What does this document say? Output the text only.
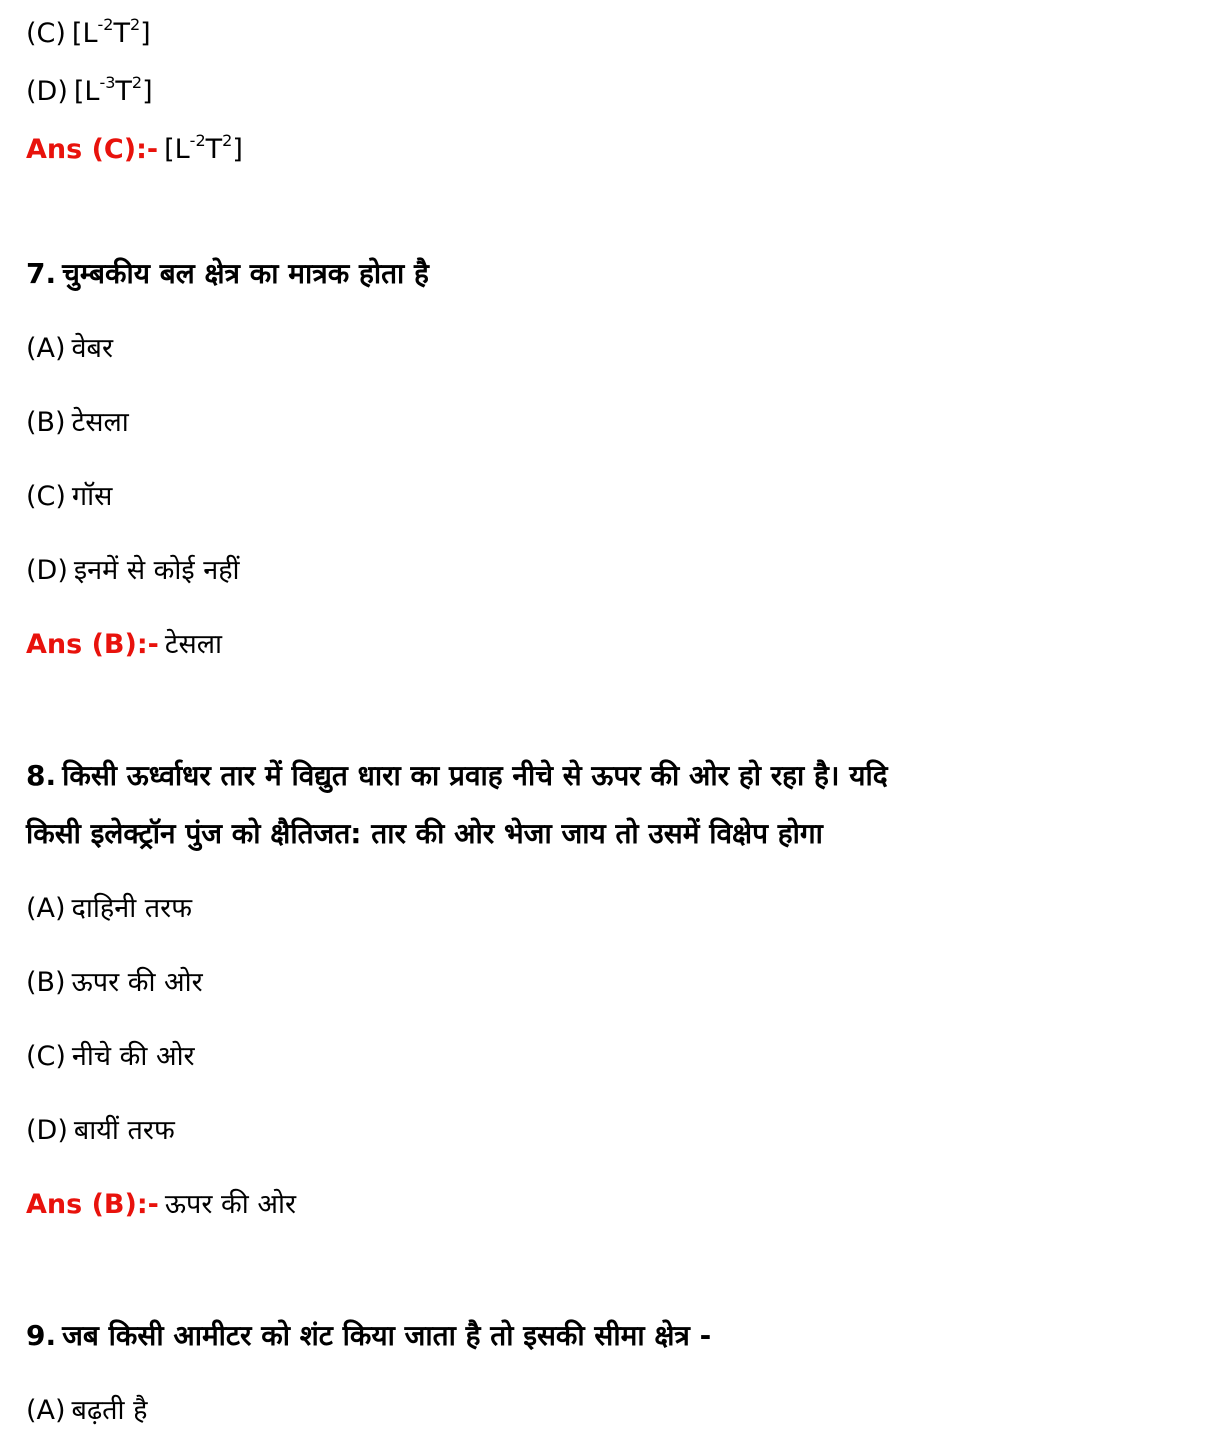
(C) $[L^{-2}T^2]$
(D) $[L^{-3}T^2]$
Ans (C):- $[L^{-2}T^2]$
7. चुम्बकीय बल क्षेत्र का मात्रक होता है
(A) वेबर
(B) टेसला
(C) गॉस
(D) इनमें से कोई नहीं
Ans (B):- टेसला
8. किसी ऊर्ध्वाधर तार में विद्युत धारा का प्रवाह नीचे से ऊपर की ओर हो रहा है। यदि
किसी इलेक्ट्रॉन पुंज को क्षैतिजत: तार की ओर भेजा जाय तो उसमें विक्षेप होगा
(A) दाहिनी तरफ
(B) ऊपर की ओर
(C) नीचे की ओर
(D) बायीं तरफ
Ans (B):- ऊपर की ओर
9. जब किसी आमीटर को शंट किया जाता है तो इसकी सीमा क्षेत्र -
(A) बढ़ती है
